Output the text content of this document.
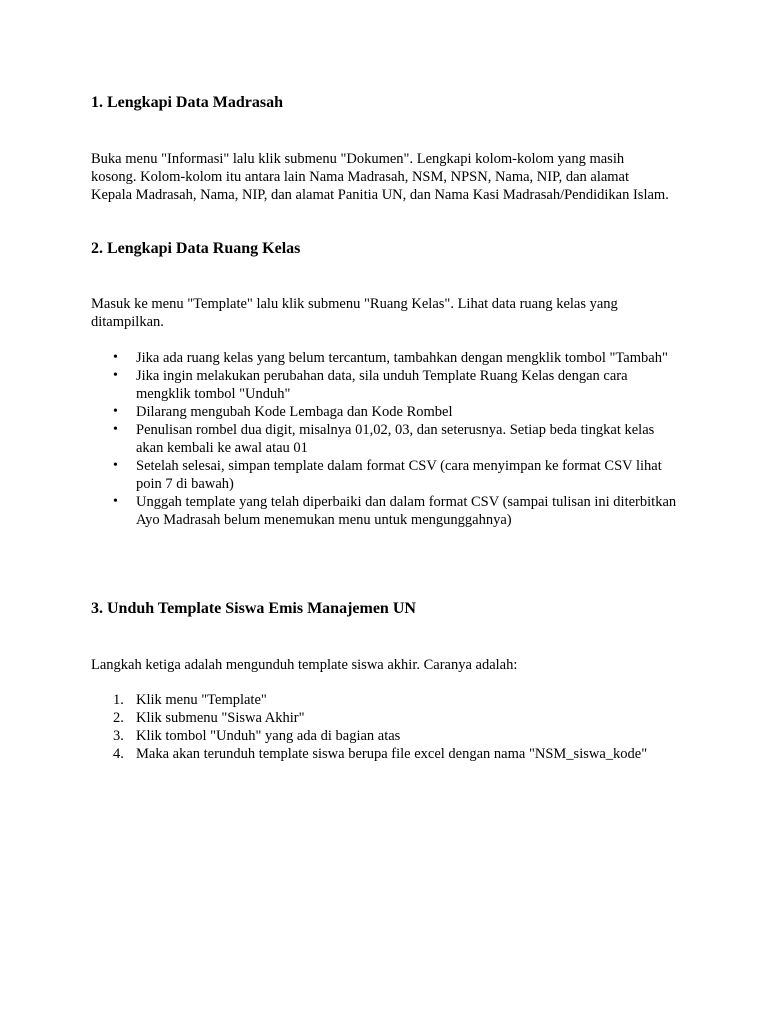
1. Lengkapi Data Madrasah

Buka menu "Informasi" lalu klik submenu "Dokumen". Lengkapi kolom-kolom yang masih kosong. Kolom-kolom itu antara lain Nama Madrasah, NSM, NPSN, Nama, NIP, dan alamat Kepala Madrasah, Nama, NIP, dan alamat Panitia UN, dan Nama Kasi Madrasah/Pendidikan Islam.

2. Lengkapi Data Ruang Kelas

Masuk ke menu "Template" lalu klik submenu "Ruang Kelas". Lihat data ruang kelas yang ditampilkan.

•	Jika ada ruang kelas yang belum tercantum, tambahkan dengan mengklik tombol "Tambah"
•	Jika ingin melakukan perubahan data, sila unduh Template Ruang Kelas dengan cara mengklik tombol "Unduh"
•	Dilarang mengubah Kode Lembaga dan Kode Rombel
•	Penulisan rombel dua digit, misalnya 01,02, 03, dan seterusnya. Setiap beda tingkat kelas akan kembali ke awal atau 01
•	Setelah selesai, simpan template dalam format CSV (cara menyimpan ke format CSV lihat poin 7 di bawah)
•	Unggah template yang telah diperbaiki dan dalam format CSV (sampai tulisan ini diterbitkan Ayo Madrasah belum menemukan menu untuk mengunggahnya)
3. Unduh Template Siswa Emis Manajemen UN

Langkah ketiga adalah mengunduh template siswa akhir. Caranya adalah:

1. Klik menu "Template"
2. Klik submenu "Siswa Akhir"
3. Klik tombol "Unduh" yang ada di bagian atas
4. Maka akan terunduh template siswa berupa file excel dengan nama "NSM_siswa_kode"
